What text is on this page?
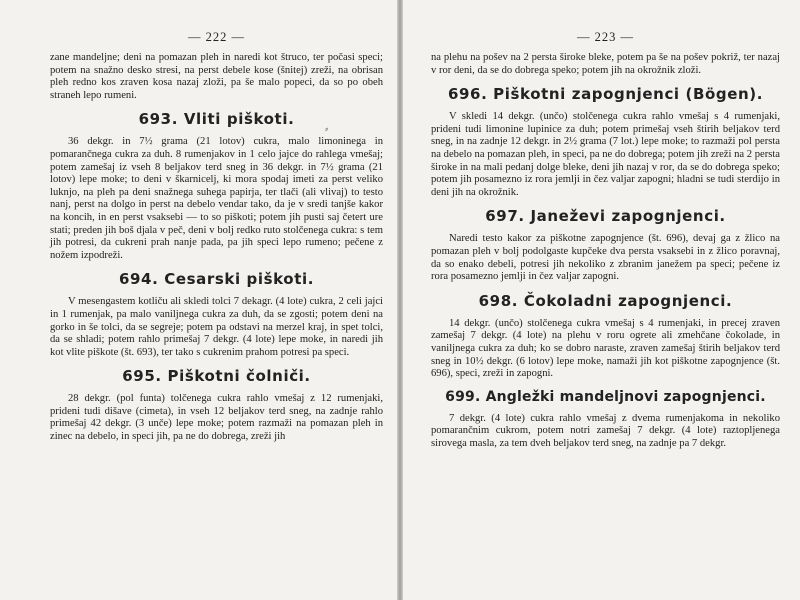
— 222 —

zane mandeljne; deni na pomazan pleh in naredi kot štruco, ter počasi speci; potem na snažno desko stresi, na perst debele kose (šnitej) zreži, na obrisan pleh redno kos zraven kosa nazaj zloži, pa še malo popeci, da so po obeh straneh lepo rumeni.

693. Vliti piškoti.

36 dekgr. in 7½ grama (21 lotov) cukra, malo limoninega in pomarančnega cukra za duh. 8 rumenjakov in 1 celo jajce do rahlega vmešaj; potem zamešaj iz vseh 8 beljakov terd sneg in 36 dekgr. in 7½ grama (21 lotov) lepe moke; to deni v škarnicelj, ki mora spodaj imeti za perst veliko luknjo, na pleh pa deni snažnega suhega papirja, ter tlači (ali vlivaj) to testo nanj, perst na dolgo in perst na debelo vendar tako, da je v sredi tanjše kakor na koncih, in en perst vsaksebi — to so piškoti; potem jih pusti saj četert ure stati; preden jih boš djala v peč, deni v bolj redko ruto stolčenega cukra: s tem jih potresi, da cukreni prah nanje pada, pa jih speci lepo rumeno; pečene z nožem izpodreži.

694. Cesarski piškoti.

V mesengastem kotliču ali skledi tolci 7 dekagr. (4 lote) cukra, 2 celi jajci in 1 rumenjak, pa malo vaniljnega cukra za duh, da se zgosti; potem deni na gorko in še tolci, da se segreje; potem pa odstavi na merzel kraj, in spet tolci, da se shladi; potem rahlo primešaj 7 dekgr. (4 lote) lepe moke, in naredi jih kot vlite piškote (št. 693), ter tako s cukrenim prahom potresi pa speci.

695. Piškotni čolniči.

28 dekgr. (pol funta) tolčenega cukra rahlo vmešaj z 12 rumenjaki, prideni tudi dišave (cimeta), in vseh 12 beljakov terd sneg, na zadnje rahlo primešaj 42 dekgr. (3 unče) lepe moke; potem razmaži na pomazan pleh in zinec na debelo, in speci jih, pa ne do dobrega, zreži jih

⸗
— 223 —

na plehu na pošev na 2 persta široke bleke, potem pa še na pošev pokriž, ter nazaj v ror deni, da se do dobrega speko; potem jih na okrožnik zloži.

696. Piškotni zapognjenci (Bögen).

V skledi 14 dekgr. (unčo) stolčenega cukra rahlo vmešaj s 4 rumenjaki, prideni tudi limonine lupinice za duh; potem primešaj vseh štirih beljakov terd sneg, in na zadnje 12 dekgr. in 2½ grama (7 lot.) lepe moke; to razmaži pol persta na debelo na pomazan pleh, in speci, pa ne do dobrega; potem jih zreži na 2 persta široke in na mali pedanj dolge bleke, deni jih nazaj v ror, da se do dobrega speko; potem jih posamezno iz rora jemlji in čez valjar zapogni; hladni se tudi sterdijo in deni jih na okrožnik.

697. Janeževi zapognjenci.

Naredi testo kakor za piškotne zapognjence (št. 696), devaj ga z žlico na pomazan pleh v bolj podolgaste kupčeke dva persta vsaksebi in z žlico poravnaj, da so enako debeli, potresi jih nekoliko z zbranim janežem pa speci; pečene iz rora posamezno jemlji in čez valjar zapogni.

698. Čokoladni zapognjenci.

14 dekgr. (unčo) stolčenega cukra vmešaj s 4 rumenjaki, in precej zraven zamešaj 7 dekgr. (4 lote) na plehu v roru ogrete ali zmehčane čokolade, in vaniljnega cukra za duh; ko se dobro naraste, zraven zamešaj štirih beljakov terd sneg in 10½ dekgr. (6 lotov) lepe moke, namaži jih kot piškotne zapognjence (št. 696), speci, zreži in zapogni.

699. Angležki mandeljnovi zapognjenci.

7 dekgr. (4 lote) cukra rahlo vmešaj z dvema rumenjakoma in nekoliko pomarančnim cukrom, potem notri zamešaj 7 dekgr. (4 lote) raztopljenega sirovega masla, za tem dveh beljakov terd sneg, na zadnje pa 7 dekgr.
